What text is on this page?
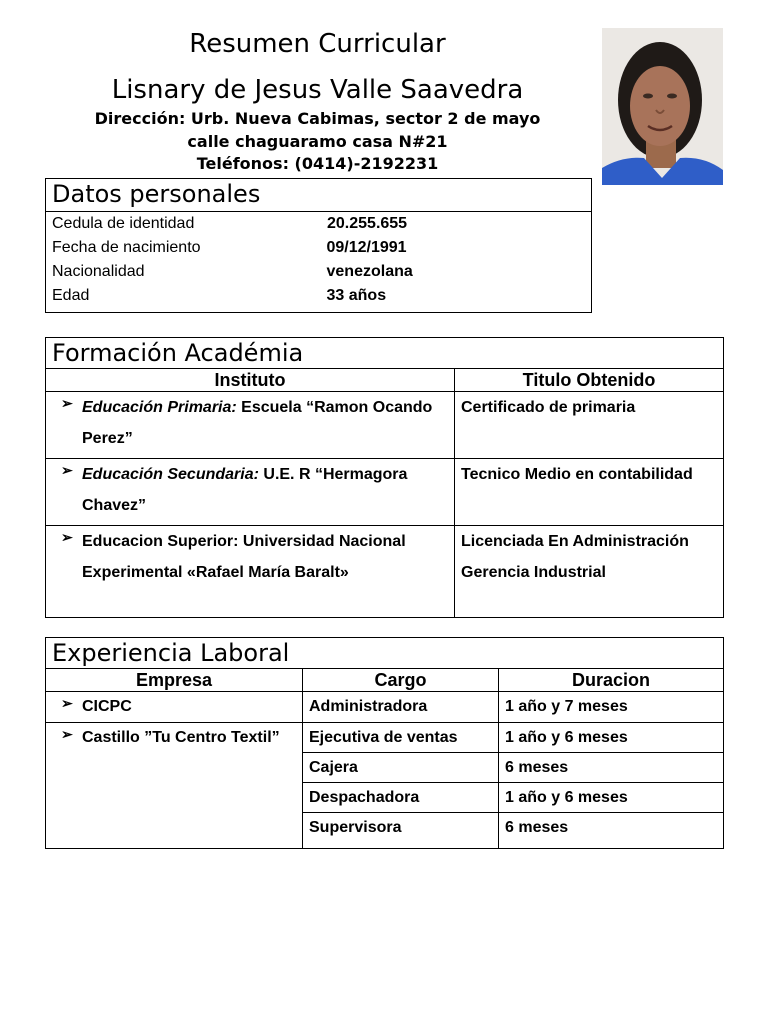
Resumen Curricular
Lisnary de Jesus Valle Saavedra
Dirección: Urb. Nueva Cabimas, sector 2 de mayo
calle chaguaramo casa N#21
Teléfonos: (0414)-2192231
Datos personales	
Cedula de identidad	20.255.655
Fecha de nacimiento	09/12/1991
Nacionalidad	venezolana
Edad	33 años
Formación Académia	
Instituto	Titulo Obtenido

➢ Educación Primaria: Escuela “Ramon Ocando Perez”	Certificado de primaria

➢ Educación Secundaria: U.E. R “Hermagora Chavez”	Tecnico Medio en contabilidad

➢ Educacion Superior: Universidad Nacional Experimental «Rafael María Baralt»	Licenciada En Administración Gerencia Industrial
Experiencia Laboral		
Empresa	Cargo	Duracion

➢ CICPC	Administradora	1 año y 7 meses

➢ Castillo ”Tu Centro Textil”	Ejecutiva de ventas	1 año y 6 meses
	Cajera	6 meses
	Despachadora	1 año y 6 meses
	Supervisora	6 meses
